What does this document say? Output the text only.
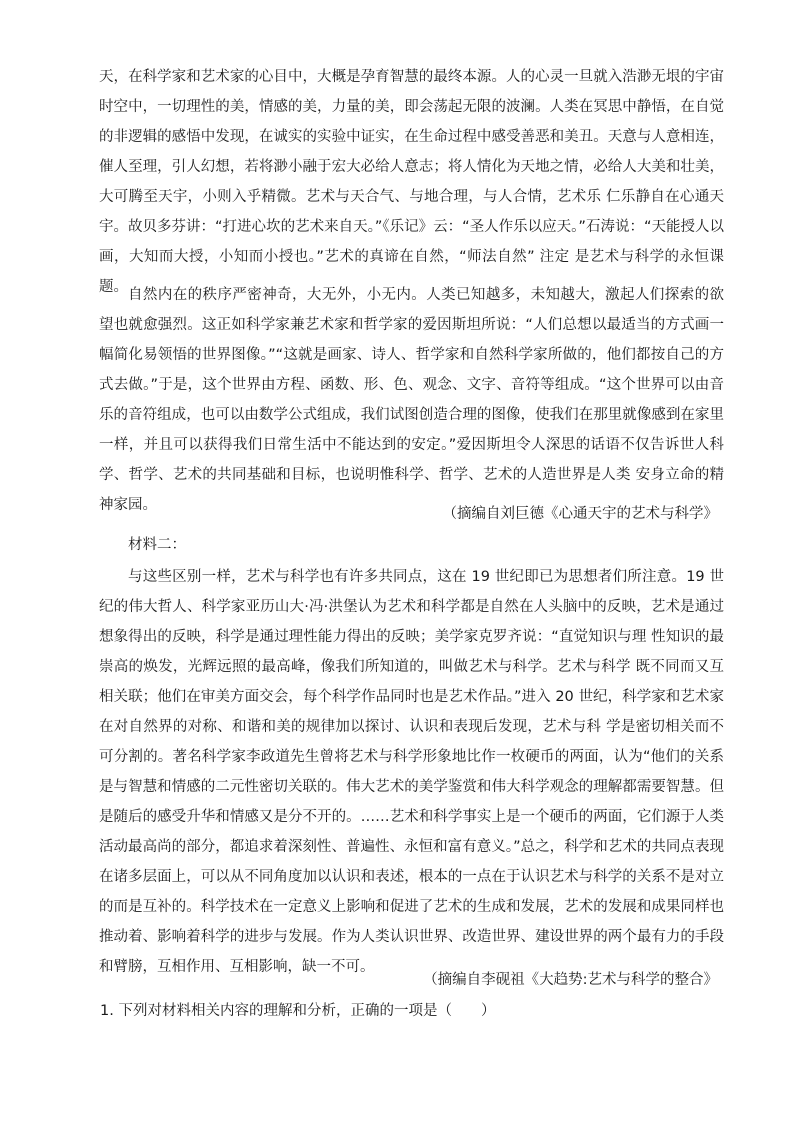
天，在科学家和艺术家的心目中，大概是孕育智慧的最终本源。人的心灵一旦就入浩渺无垠的宇宙时空中，一切理性的美，情感的美，力量的美，即会荡起无限的波澜。人类在冥思中静悟，在自觉的非逻辑的感悟中发现，在诚实的实验中证实，在生命过程中感受善恶和美丑。天意与人意相连，催人至理，引人幻想，若将渺小融于宏大必给人意志；将人情化为天地之情，必给人大美和壮美，大可腾至天宇，小则入乎精微。艺术与天合气、与地合理，与人合情，艺术乐 仁乐静自在心通天宇。故贝多芬讲：“打进心坎的艺术来自天。”《乐记》云：“圣人作乐以应天。”石涛说：“天能授人以画，大知而大授，小知而小授也。”艺术的真谛在自然，“师法自然” 注定 是艺术与科学的永恒课题。 自然内在的秩序严密神奇，大无外，小无内。人类已知越多，未知越大，激起人们探索的欲 望也就愈强烈。这正如科学家兼艺术家和哲学家的爱因斯坦所说：“人们总想以最适当的方式画一幅简化易领悟的世界图像。”“这就是画家、诗人、哲学家和自然科学家所做的，他们都按自己的方式去做。”于是，这个世界由方程、函数、形、色、观念、文字、音符等组成。“这个世界可以由音乐的音符组成，也可以由数学公式组成，我们试图创造合理的图像，使我们在那里就像感到在家里一样，并且可以获得我们日常生活中不能达到的安定。”爱因斯坦令人深思的话语不仅告诉世人科学、哲学、艺术的共同基础和目标，也说明惟科学、哲学、艺术的人造世界是人类 安身立命的精神家园。

（摘编自刘巨德《心通天宇的艺术与科学》

材料二：

与这些区别一样，艺术与科学也有许多共同点，这在 19 世纪即已为思想者们所注意。19 世纪的伟大哲人、科学家亚历山大·冯·洪堡认为艺术和科学都是自然在人头脑中的反映，艺术是通过想象得出的反映，科学是通过理性能力得出的反映；美学家克罗齐说：“直觉知识与理 性知识的最崇高的焕发，光辉远照的最高峰，像我们所知道的，叫做艺术与科学。艺术与科学 既不同而又互相关联；他们在审美方面交会，每个科学作品同时也是艺术作品。”进入 20 世纪，科学家和艺术家在对自然界的对称、和谐和美的规律加以探讨、认识和表现后发现，艺术与科 学是密切相关而不可分割的。著名科学家李政道先生曾将艺术与科学形象地比作一枚硬币的两面，认为“他们的关系是与智慧和情感的二元性密切关联的。伟大艺术的美学鉴赏和伟大科学观念的理解都需要智慧。但是随后的感受升华和情感又是分不开的。……艺术和科学事实上是一个硬币的两面，它们源于人类活动最高尚的部分，都追求着深刻性、普遍性、永恒和富有意义。”总之，科学和艺术的共同点表现在诸多层面上，可以从不同角度加以认识和表述，根本的一点在于认识艺术与科学的关系不是对立的而是互补的。科学技术在一定意义上影响和促进了艺术的生成和发展，艺术的发展和成果同样也推动着、影响着科学的进步与发展。作为人类认识世界、改造世界、建设世界的两个最有力的手段和臂膀，互相作用、互相影响，缺一不可。

（摘编自李砚祖《大趋势:艺术与科学的整合》

1. 下列对材料相关内容的理解和分析，正确的一项是（　　）
